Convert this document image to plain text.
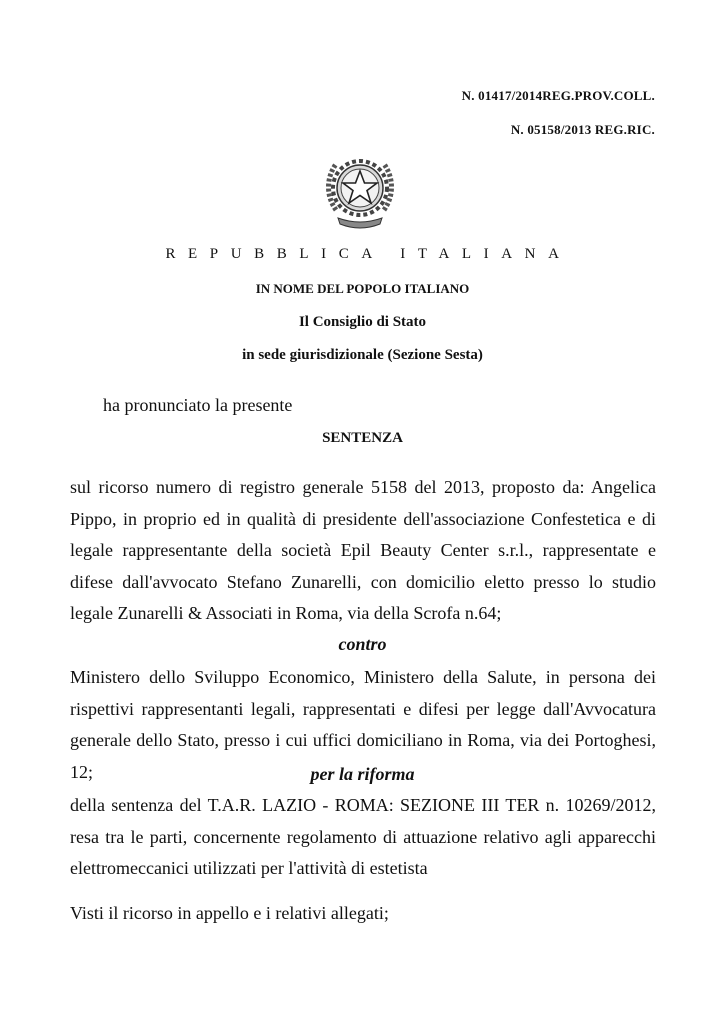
N. 01417/2014REG.PROV.COLL.
N. 05158/2013 REG.RIC.
REPUBBLICA ITALIANA
IN NOME DEL POPOLO ITALIANO
Il Consiglio di Stato
in sede giurisdizionale (Sezione Sesta)
ha pronunciato la presente
SENTENZA

sul ricorso numero di registro generale 5158 del 2013, proposto da: Angelica Pippo, in proprio ed in qualità di presidente dell'associazione Confestetica e di legale rappresentante della società Epil Beauty Center s.r.l., rappresentate e difese dall'avvocato Stefano Zunarelli, con domicilio eletto presso lo studio legale Zunarelli & Associati in Roma, via della Scrofa n.64;

contro

Ministero dello Sviluppo Economico, Ministero della Salute, in persona dei rispettivi rappresentanti legali, rappresentati e difesi per legge dall'Avvocatura generale dello Stato, presso i cui uffici domiciliano in Roma, via dei Portoghesi, 12;	per la riforma

della sentenza del T.A.R. LAZIO - ROMA: SEZIONE III TER n. 10269/2012, resa tra le parti, concernente regolamento di attuazione relativo agli apparecchi elettromeccanici utilizzati per l'attività di estetista

Visti il ricorso in appello e i relativi allegati;
